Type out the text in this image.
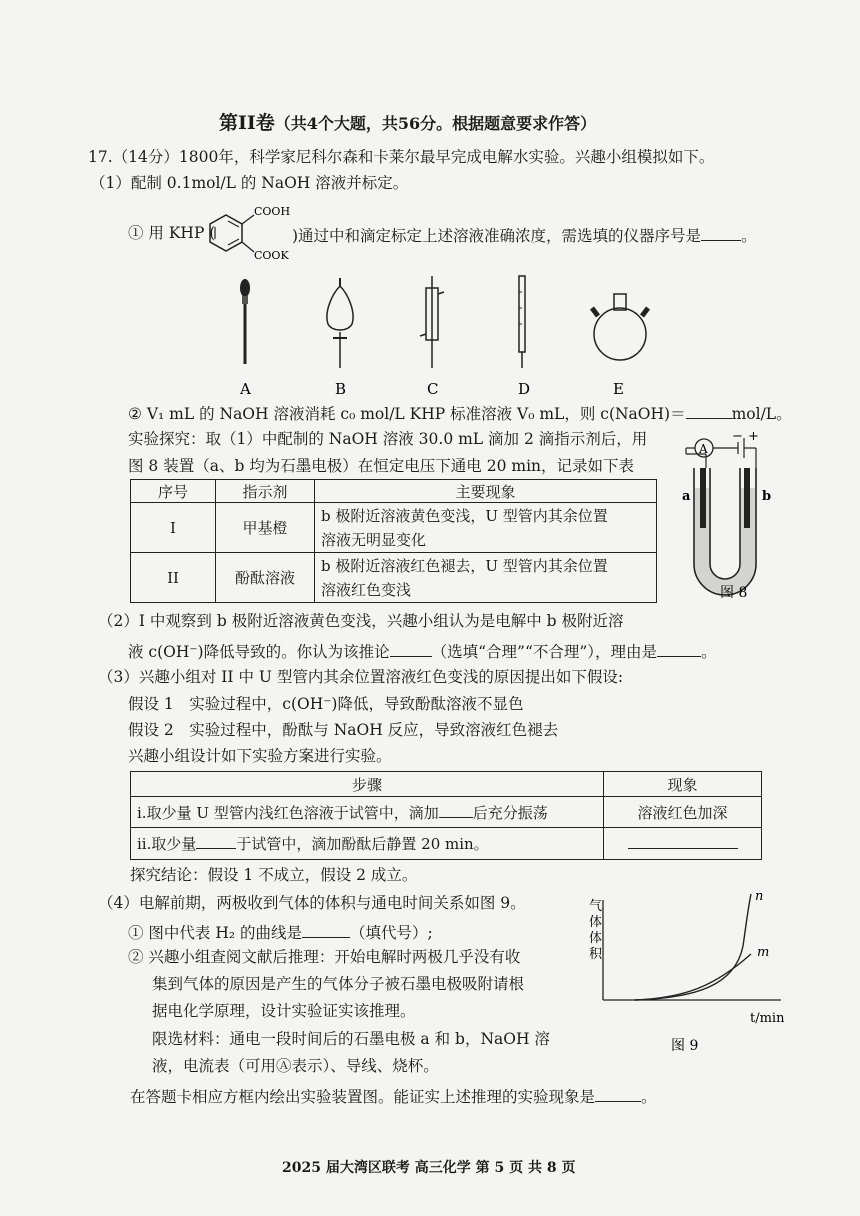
第II卷（共4个大题，共56分。根据题意要求作答）
17.（14分）1800年，科学家尼科尔森和卡莱尔最早完成电解水实验。兴趣小组模拟如下。
（1）配制 0.1mol/L 的 NaOH 溶液并标定。
① 用 KHP (
COOH
COOK
)通过中和滴定标定上述溶液准确浓度，需选填的仪器序号是	。
A	B	C	D	E
② V₁ mL 的 NaOH 溶液消耗 c₀ mol/L KHP 标准溶液 V₀ mL，则 c(NaOH)＝	mol/L。
实验探究：取（1）中配制的 NaOH 溶液 30.0 mL 滴加 2 滴指示剂后，用
图 8 装置（a、b 均为石墨电极）在恒定电压下通电 20 min，记录如下表
序号	指示剂	主要现象
I	甲基橙	b 极附近溶液黄色变浅，U 型管内其余位置
溶液无明显变化
II	酚酞溶液	b 极附近溶液红色褪去，U 型管内其余位置
溶液红色变浅
A
− +
a	b
图 8
（2）I 中观察到 b 极附近溶液黄色变浅，兴趣小组认为是电解中 b 极附近溶
液 c(OH⁻)降低导致的。你认为该推论	（选填“合理”“不合理”），理由是	。
（3）兴趣小组对 II 中 U 型管内其余位置溶液红色变浅的原因提出如下假设:
假设 1　实验过程中，c(OH⁻)降低，导致酚酞溶液不显色
假设 2　实验过程中，酚酞与 NaOH 反应，导致溶液红色褪去
兴趣小组设计如下实验方案进行实验。
步骤	现象
i.取少量 U 型管内浅红色溶液于试管中，滴加 后充分振荡	溶液红色加深
ii.取少量 于试管中，滴加酚酞后静置 20 min。	
探究结论：假设 1 不成立，假设 2 成立。
（4）电解前期，两极收到气体的体积与通电时间关系如图 9。
① 图中代表 H₂ 的曲线是	（填代号）;
② 兴趣小组查阅文献后推理：开始电解时两极几乎没有收
集到气体的原因是产生的气体分子被石墨电极吸附请根
据电化学原理，设计实验证实该推理。
限选材料：通电一段时间后的石墨电极 a 和 b，NaOH 溶
液，电流表（可用Ⓐ表示）、导线、烧杯。
在答题卡相应方框内绘出实验装置图。能证实上述推理的实验现象是	。
气
体
体
积
n
m
t/min
图 9
2025 届大湾区联考 高三化学 第 5 页 共 8 页
